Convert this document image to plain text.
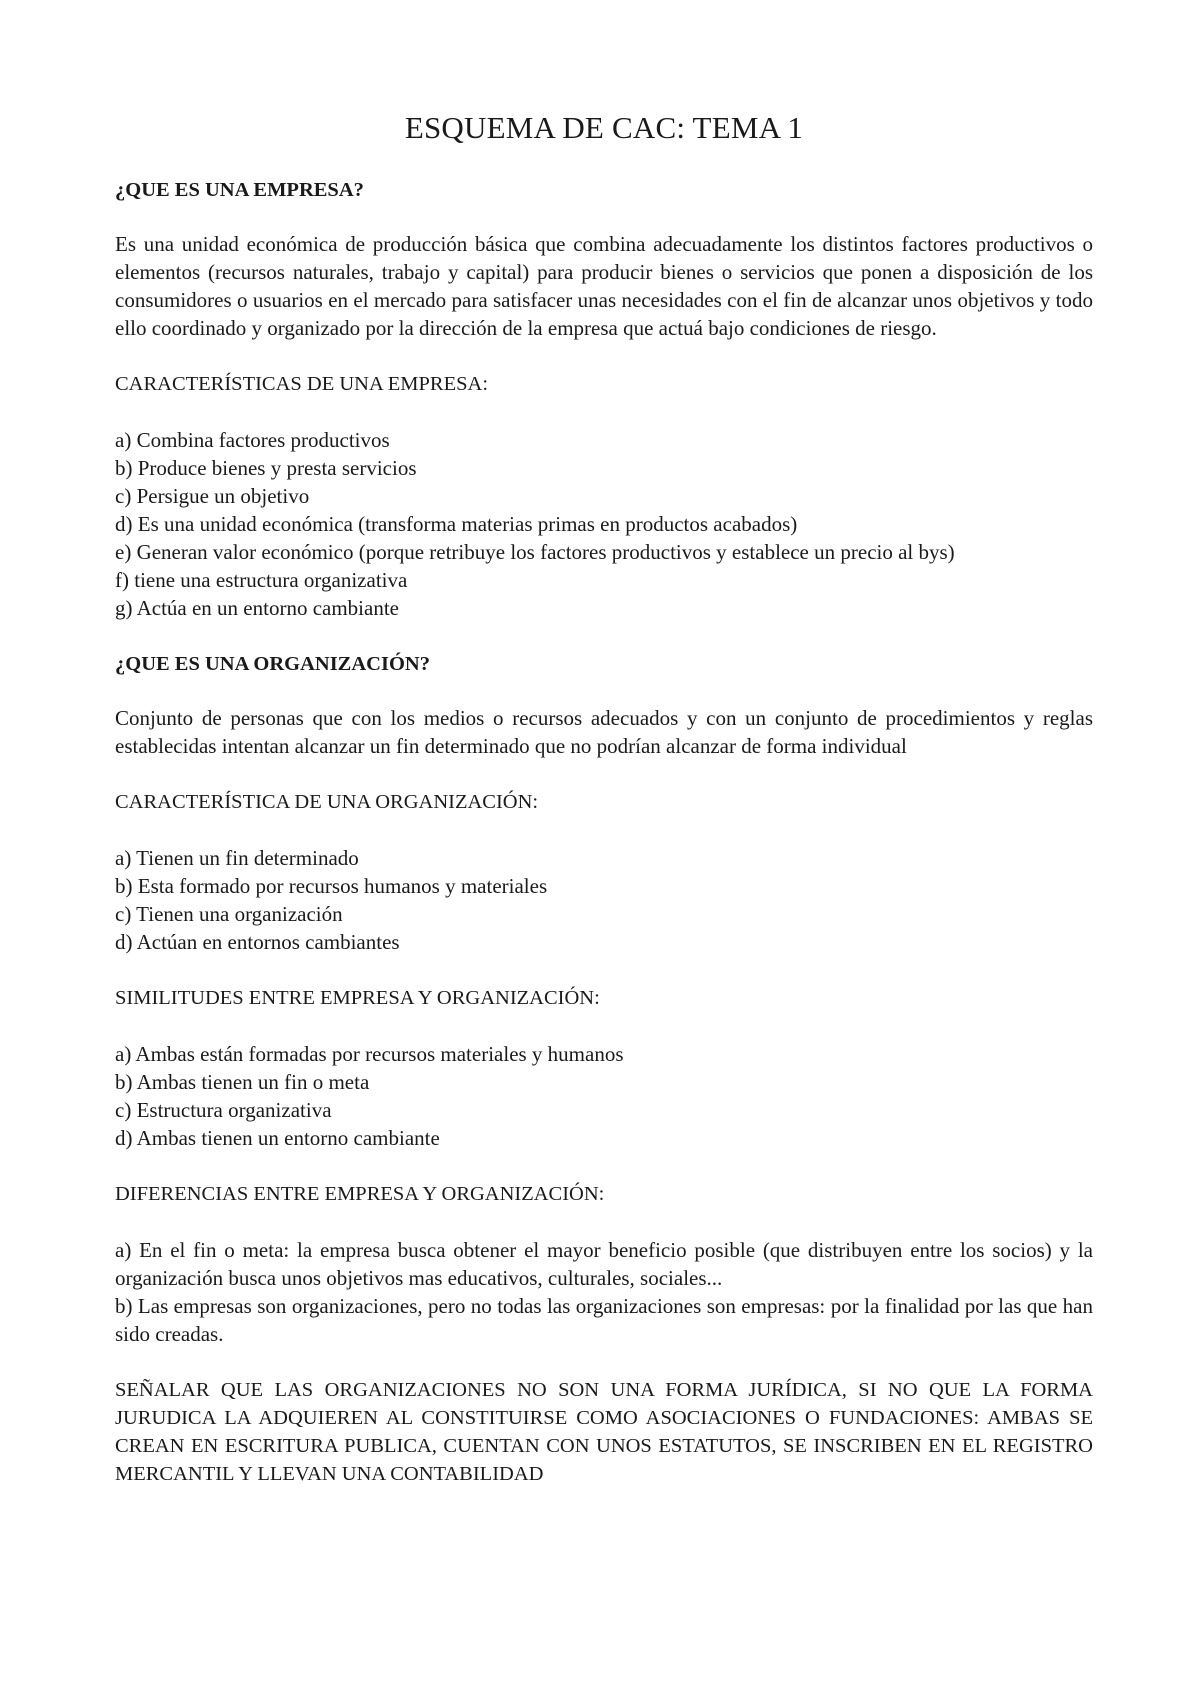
ESQUEMA DE CAC: TEMA 1
¿QUE ES UNA EMPRESA?

Es una unidad económica de producción básica que combina adecuadamente los distintos factores productivos o elementos (recursos naturales, trabajo y capital) para producir bienes o servicios que ponen a disposición de los consumidores o usuarios en el mercado para satisfacer unas necesidades con el fin de alcanzar unos objetivos y todo ello coordinado y organizado por la dirección de la empresa que actuá bajo condiciones de riesgo.

CARACTERÍSTICAS DE UNA EMPRESA:
a) Combina factores productivos
b) Produce bienes y presta servicios
c) Persigue un objetivo
d) Es una unidad económica (transforma materias primas en productos acabados)
e) Generan valor económico (porque retribuye los factores productivos y establece un precio al bys)
f) tiene una estructura organizativa
g) Actúa en un entorno cambiante
¿QUE ES UNA ORGANIZACIÓN?

Conjunto de personas que con los medios o recursos adecuados y con un conjunto de procedimientos y reglas establecidas intentan alcanzar un fin determinado que no podrían alcanzar de forma individual

CARACTERÍSTICA DE UNA ORGANIZACIÓN:
a) Tienen un fin determinado
b) Esta formado por recursos humanos y materiales
c) Tienen una organización
d) Actúan en entornos cambiantes
SIMILITUDES ENTRE EMPRESA Y ORGANIZACIÓN:
a) Ambas están formadas por recursos materiales y humanos
b) Ambas tienen un fin o meta
c) Estructura organizativa
d) Ambas tienen un entorno cambiante
DIFERENCIAS ENTRE EMPRESA Y ORGANIZACIÓN:
a) En el fin o meta: la empresa busca obtener el mayor beneficio posible (que distribuyen entre los socios) y la organización busca unos objetivos mas educativos, culturales, sociales...
b) Las empresas son organizaciones, pero no todas las organizaciones son empresas: por la finalidad por las que han sido creadas.

SEÑALAR QUE LAS ORGANIZACIONES NO SON UNA FORMA JURÍDICA, SI NO QUE LA FORMA JURUDICA LA ADQUIEREN AL CONSTITUIRSE COMO ASOCIACIONES O FUNDACIONES: AMBAS SE CREAN EN ESCRITURA PUBLICA, CUENTAN CON UNOS ESTATUTOS, SE INSCRIBEN EN EL REGISTRO MERCANTIL Y LLEVAN UNA CONTABILIDAD
